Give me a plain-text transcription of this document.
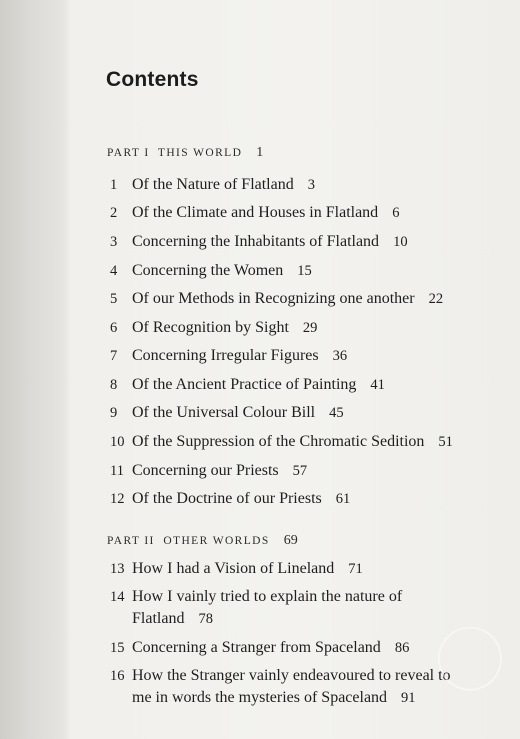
Contents
PART I  THIS WORLD 1
1 Of the Nature of Flatland 3
2 Of the Climate and Houses in Flatland 6
3 Concerning the Inhabitants of Flatland 10
4 Concerning the Women 15
5 Of our Methods in Recognizing one another 22
6 Of Recognition by Sight 29
7 Concerning Irregular Figures 36
8 Of the Ancient Practice of Painting 41
9 Of the Universal Colour Bill 45
10 Of the Suppression of the Chromatic Sedition 51
11 Concerning our Priests 57
12 Of the Doctrine of our Priests 61
PART II  OTHER WORLDS 69
13 How I had a Vision of Lineland 71
14 How I vainly tried to explain the nature of
Flatland 78
15 Concerning a Stranger from Spaceland 86
16 How the Stranger vainly endeavoured to reveal to
me in words the mysteries of Spaceland 91
